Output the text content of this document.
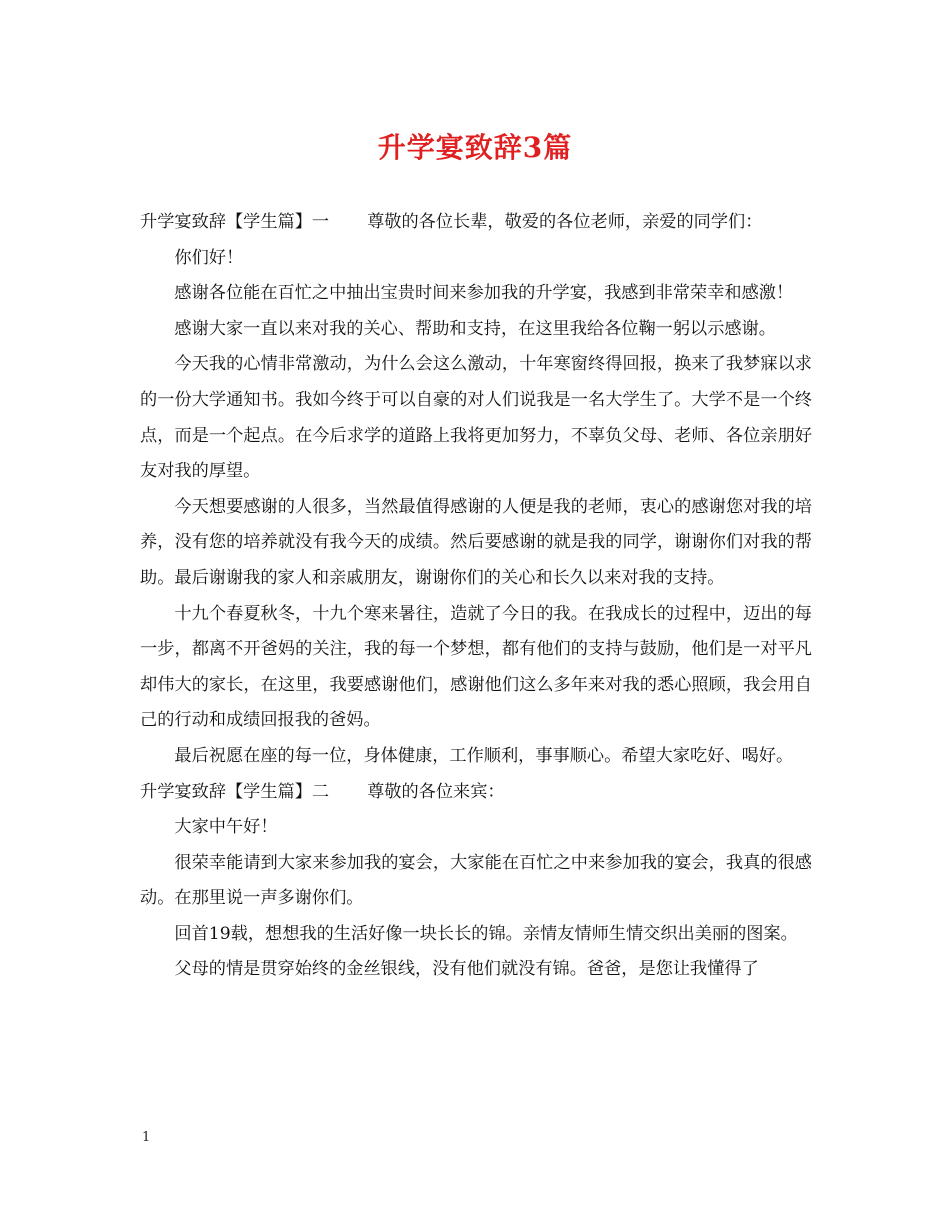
升学宴致辞3篇

升学宴致辞【学生篇】一 尊敬的各位长辈，敬爱的各位老师，亲爱的同学们：

你们好！

感谢各位能在百忙之中抽出宝贵时间来参加我的升学宴，我感到非常荣幸和感激！

感谢大家一直以来对我的关心、帮助和支持，在这里我给各位鞠一躬以示感谢。

今天我的心情非常激动，为什么会这么激动，十年寒窗终得回报，换来了我梦寐以求的一份大学通知书。我如今终于可以自豪的对人们说我是一名大学生了。大学不是一个终点，而是一个起点。在今后求学的道路上我将更加努力，不辜负父母、老师、各位亲朋好友对我的厚望。

今天想要感谢的人很多，当然最值得感谢的人便是我的老师，衷心的感谢您对我的培养，没有您的培养就没有我今天的成绩。然后要感谢的就是我的同学，谢谢你们对我的帮助。最后谢谢我的家人和亲戚朋友，谢谢你们的关心和长久以来对我的支持。

十九个春夏秋冬，十九个寒来暑往，造就了今日的我。在我成长的过程中，迈出的每一步，都离不开爸妈的关注，我的每一个梦想，都有他们的支持与鼓励，他们是一对平凡却伟大的家长，在这里，我要感谢他们，感谢他们这么多年来对我的悉心照顾，我会用自己的行动和成绩回报我的爸妈。

最后祝愿在座的每一位，身体健康，工作顺利，事事顺心。希望大家吃好、喝好。

升学宴致辞【学生篇】二 尊敬的各位来宾：

大家中午好！

很荣幸能请到大家来参加我的宴会，大家能在百忙之中来参加我的宴会，我真的很感动。在那里说一声多谢你们。

回首19载，想想我的生活好像一块长长的锦。亲情友情师生情交织出美丽的图案。

父母的情是贯穿始终的金丝银线，没有他们就没有锦。爸爸，是您让我懂得了

1
